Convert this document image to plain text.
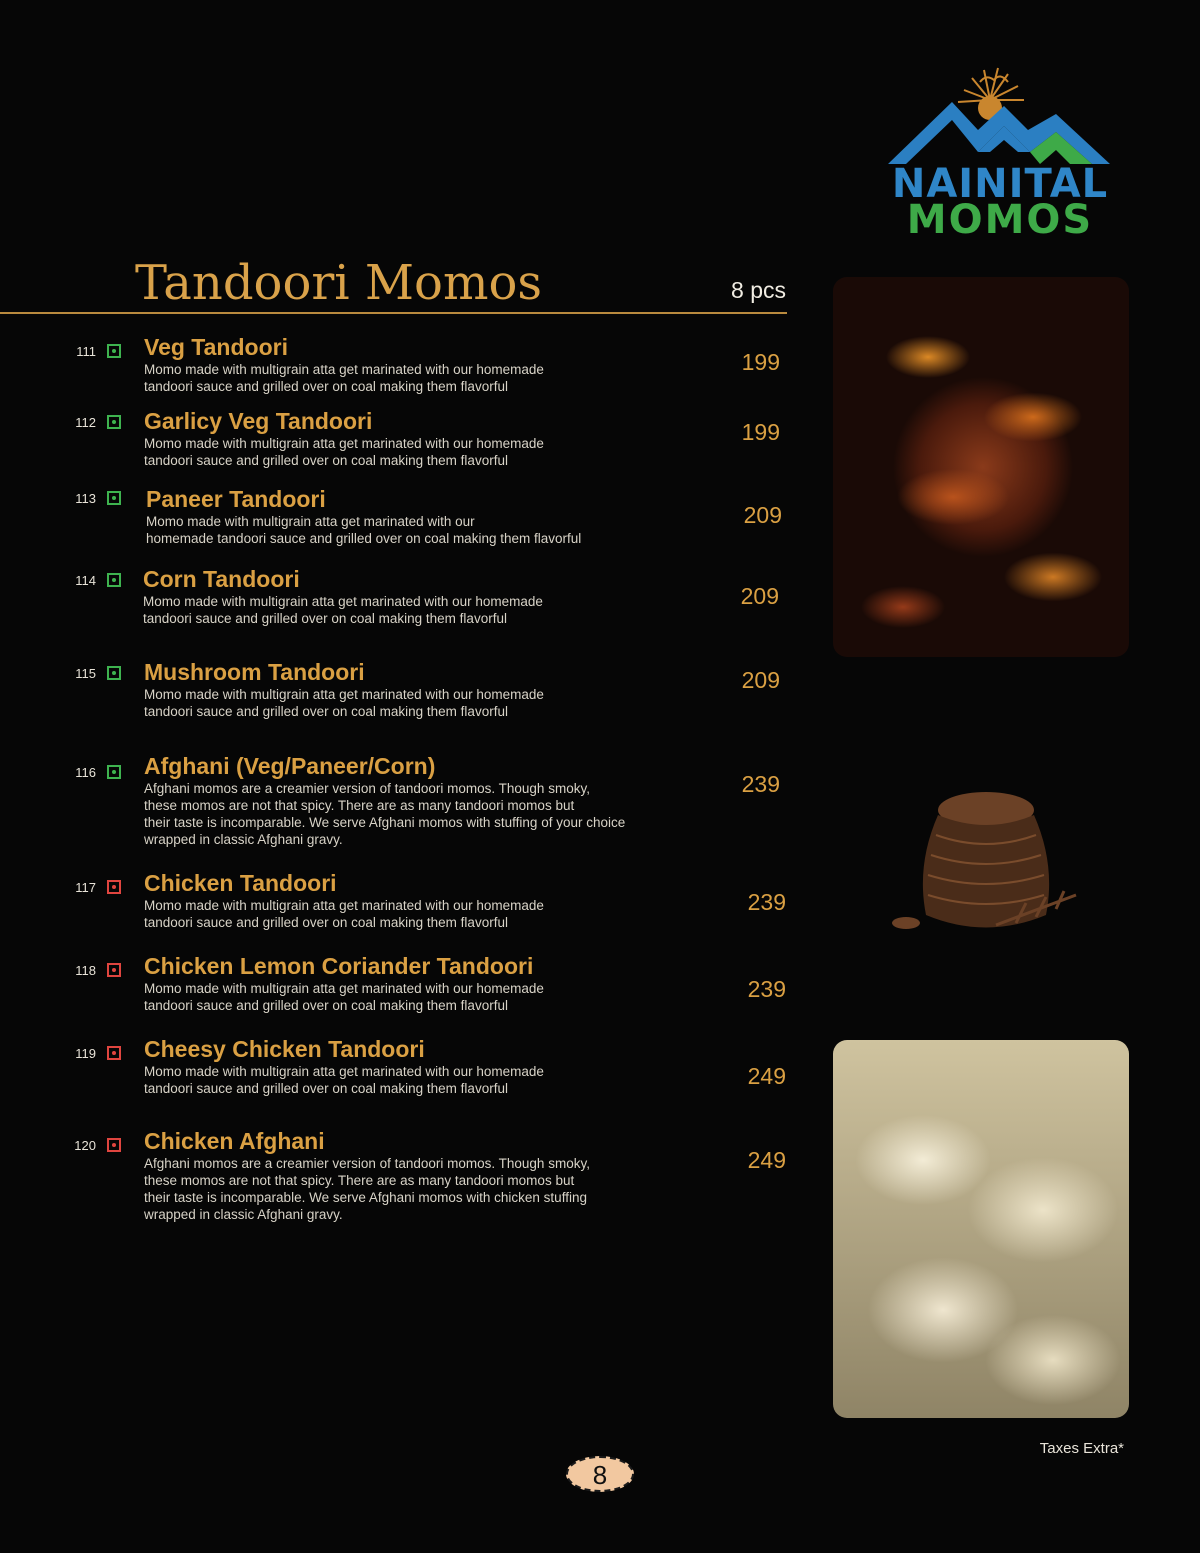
NAINITAL
MOMOS
Tandoori Momos	8 pcs
111 Veg Tandoori
Momo made with multigrain atta get marinated with our homemade
tandoori sauce and grilled over on coal making them flavorful
199
112 Garlicy Veg Tandoori
Momo made with multigrain atta get marinated with our homemade
tandoori sauce and grilled over on coal making them flavorful
199
113 Paneer Tandoori
Momo made with multigrain atta get marinated with our
homemade tandoori sauce and grilled over on coal making them flavorful
209
114 Corn Tandoori
Momo made with multigrain atta get marinated with our homemade
tandoori sauce and grilled over on coal making them flavorful
209
115 Mushroom Tandoori
Momo made with multigrain atta get marinated with our homemade
tandoori sauce and grilled over on coal making them flavorful
209
116 Afghani (Veg/Paneer/Corn)
Afghani momos are a creamier version of tandoori momos. Though smoky,
these momos are not that spicy. There are as many tandoori momos but
their taste is incomparable. We serve Afghani momos with stuffing of your choice
wrapped in classic Afghani gravy.
239
117 Chicken Tandoori
Momo made with multigrain atta get marinated with our homemade
tandoori sauce and grilled over on coal making them flavorful
239
118 Chicken Lemon Coriander Tandoori
Momo made with multigrain atta get marinated with our homemade
tandoori sauce and grilled over on coal making them flavorful
239
119 Cheesy Chicken Tandoori
Momo made with multigrain atta get marinated with our homemade
tandoori sauce and grilled over on coal making them flavorful	249
120 Chicken Afghani
Afghani momos are a creamier version of tandoori momos. Though smoky,
these momos are not that spicy. There are as many tandoori momos but
their taste is incomparable. We serve Afghani momos with chicken stuffing
wrapped in classic Afghani gravy.
249
Taxes Extra*
8
